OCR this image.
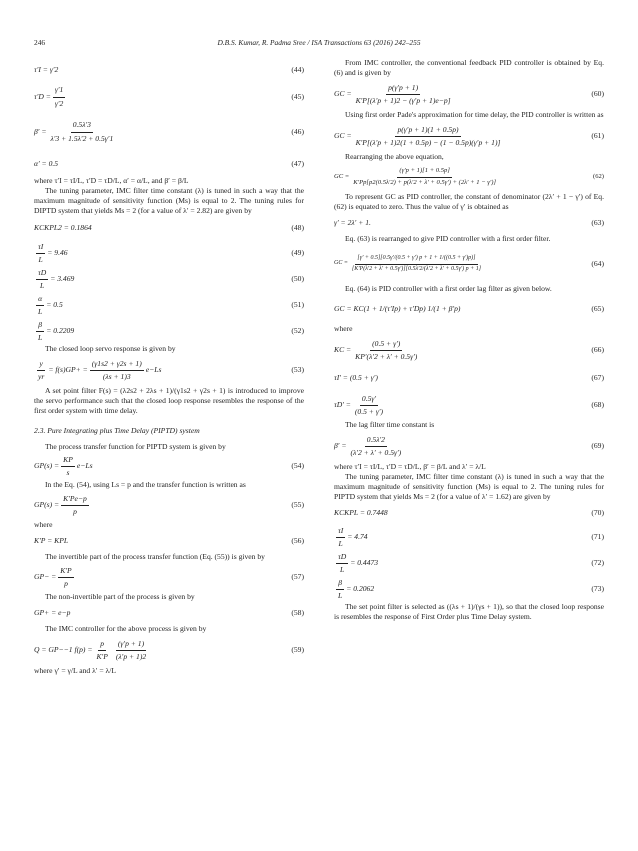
246	D.B.S. Kumar, R. Padma Sree / ISA Transactions 63 (2016) 242–255
τ′I = γ′2	(44)
$\tau'D = \frac{\gamma'1}{\gamma'2}$	(45)
$\beta' = \frac{0.5\lambda'3}{\lambda'3 + 1.5\lambda'2 + 0.5\gamma'1}$	(46)
α′ = 0.5	(47)

where τ′I = τI/L, τ′D = τD/L, α′ = α/L, and β′ = β/L

The tuning parameter, IMC filter time constant (λ) is tuned in such a way that the maximum magnitude of sensitivity function (Ms) is equal to 2. The tuning rules for DIPTD system that yields Ms = 2 (for a value of λ′ = 2.82) are given by

KCKPL2 = 0.1864	(48)
$\frac{\tau I}{L} = 9.46$	(49)
$\frac{\tau D}{L} = 3.469$	(50)
$\frac{\alpha}{L} = 0.5$	(51)
$\frac{\beta}{L} = 0.2209$	(52)

The closed loop servo response is given by

$\frac{y}{yr} = f(s)GP+ = \frac{(\gamma 1s2 + \gamma 2s + 1)}{(\lambda s + 1)3} e-Ls$	(53)

A set point filter F(s) = (λ2s2 + 2λs + 1)/(γ1s2 + γ2s + 1) is introduced to improve the servo performance such that the closed loop response resembles the response of the first order system with time delay.

2.3. Pure Integrating plus Time Delay (PIPTD) system

The process transfer function for PIPTD system is given by

$GP(s) = \frac{KP}{s} e-Ls$	(54)

In the Eq. (54), using Ls = p and the transfer function is written as

$GP(s) = \frac{K'Pe-p}{p}$	(55)

where

K′P = KPL	(56)

The invertible part of the process transfer function (Eq. (55)) is given by

$GP- = \frac{K'P}{p}$	(57)

The non-invertible part of the process is given by

GP+ = e−p	(58)

The IMC controller for the above process is given by

Q = GP−−1 $f(p) = \frac{p}{K'P} \frac{(\gamma'p + 1)}{(\lambda'p + 1)2}$	(59)

where γ′ = γ/L and λ′ = λ/L

From IMC controller, the conventional feedback PID controller is obtained by Eq. (6) and is given by

GC = $\frac{p(\gamma'p + 1)}{K'P[(\lambda'p + 1)2 - (\gamma'p + 1)e-p]}$	(60)

Using first order Pade's approximation for time delay, the PID controller is written as

GC = $\frac{p(\gamma'p + 1)(1 + 0.5p)}{K'P[(\lambda'p + 1)2(1 + 0.5p) - (1 - 0.5p)(\gamma'p + 1)]}$	(61)

Rearranging the above equation,

GC = $\frac{(\gamma'p + 1)[1 + 0.5p]}{K'Pp[p2(0.5\lambda'2) + p(\lambda'2 + \lambda' + 0.5\gamma') + (2\lambda' + 1 - \gamma')]}$	(62)

To represent GC as PID controller, the constant of denominator (2λ′ + 1 − γ′) of Eq. (62) is equated to zero. Thus the value of γ′ is obtained as

γ′ = 2λ′ + 1.	(63)

Eq. (63) is rearranged to give PID controller with a first order filter.

GC = $\frac{[\gamma' + 0.5][0.5\gamma'/(0.5 + \gamma') p + 1 + 1/((0.5 + \gamma')p)]}{[K'P(\lambda'2 + \lambda' + 0.5\gamma')][0.5\lambda'2/(\lambda'2 + \lambda' + 0.5\gamma') p + 1]}$	(64)

Eq. (64) is PID controller with a first order lag filter as given below.

GC = KC(1 + 1/(τ′Ip) + τ′Dp) 1/(1 + β′p)	(65)

where

KC = $\frac{(0.5 + \gamma')}{KP'(\lambda'2 + \lambda' + 0.5\gamma')}$	(66)
τI′ = (0.5 + γ′)	(67)
$\tau D' = \frac{0.5\gamma'}{(0.5 + \gamma')}$	(68)

The lag filter time constant is

$\beta' = \frac{0.5\lambda'2}{(\lambda'2 + \lambda' + 0.5\gamma')}$	(69)

where τ′I = τI/L, τ′D = τD/L, β′ = β/L and λ′ = λ/L

The tuning parameter, IMC filter time constant (λ) is tuned in such a way that the maximum magnitude of sensitivity function (Ms) is equal to 2. The tuning rules for PIPTD system that yields Ms = 2 (for a value of λ′ = 1.62) are given by

KCKPL = 0.7448	(70)
$\frac{\tau I}{L} = 4.74$	(71)
$\frac{\tau D}{L} = 0.4473$	(72)
$\frac{\beta}{L} = 0.2062$	(73)

The set point filter is selected as ((λs + 1)/(γs + 1)), so that the closed loop response is resembles the response of First Order plus Time Delay system.
